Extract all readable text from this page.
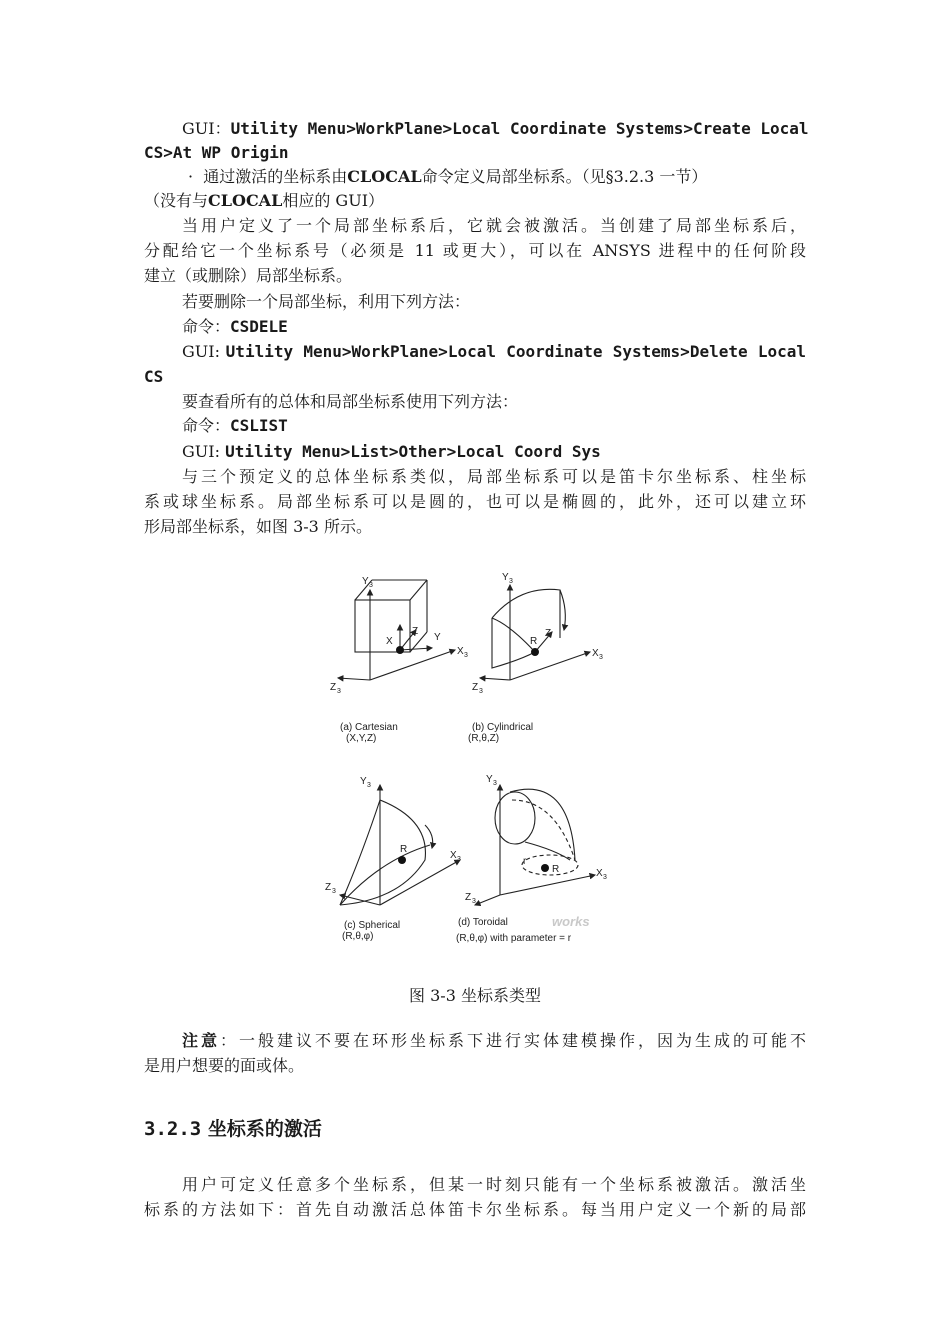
GUI：Utility Menu>WorkPlane>Local Coordinate Systems>Create Local
CS>At WP Origin
· 通过激活的坐标系由CLOCAL命令定义局部坐标系。（见§3.2.3 一节）
（没有与CLOCAL相应的 GUI）
当用户定义了一个局部坐标系后，它就会被激活。当创建了局部坐标系后，
分配给它一个坐标系号（必须是 11 或更大），可以在 ANSYS 进程中的任何阶段
建立（或删除）局部坐标系。
若要删除一个局部坐标，利用下列方法：
命令：CSDELE
GUI: Utility Menu>WorkPlane>Local Coordinate Systems>Delete Local
CS
要查看所有的总体和局部坐标系使用下列方法：
命令：CSLIST
GUI: Utility Menu>List>Other>Local Coord Sys
与三个预定义的总体坐标系类似，局部坐标系可以是笛卡尔坐标系、柱坐标
系或球坐标系。局部坐标系可以是圆的，也可以是椭圆的，此外，还可以建立环
形局部坐标系，如图 3-3 所示。
Y
X
Z
X
Z
Y
Y
X
Z
R
Z
(a) Cartesian
(X,Y,Z)
(b) Cylindrical
(R,θ,Z)
Y
X
Z
R
Y
X
Z
r
R
(c) Spherical
(R,θ,φ)
(d) Toroidal
(R,θ,φ) with parameter = r
works
3
3
3
3
3
3
3
3
3
3
3
3
图 3-3 坐标系类型
注意：一般建议不要在环形坐标系下进行实体建模操作，因为生成的可能不
是用户想要的面或体。
3.2.3 坐标系的激活
用户可定义任意多个坐标系，但某一时刻只能有一个坐标系被激活。激活坐
标系的方法如下：首先自动激活总体笛卡尔坐标系。每当用户定义一个新的局部
